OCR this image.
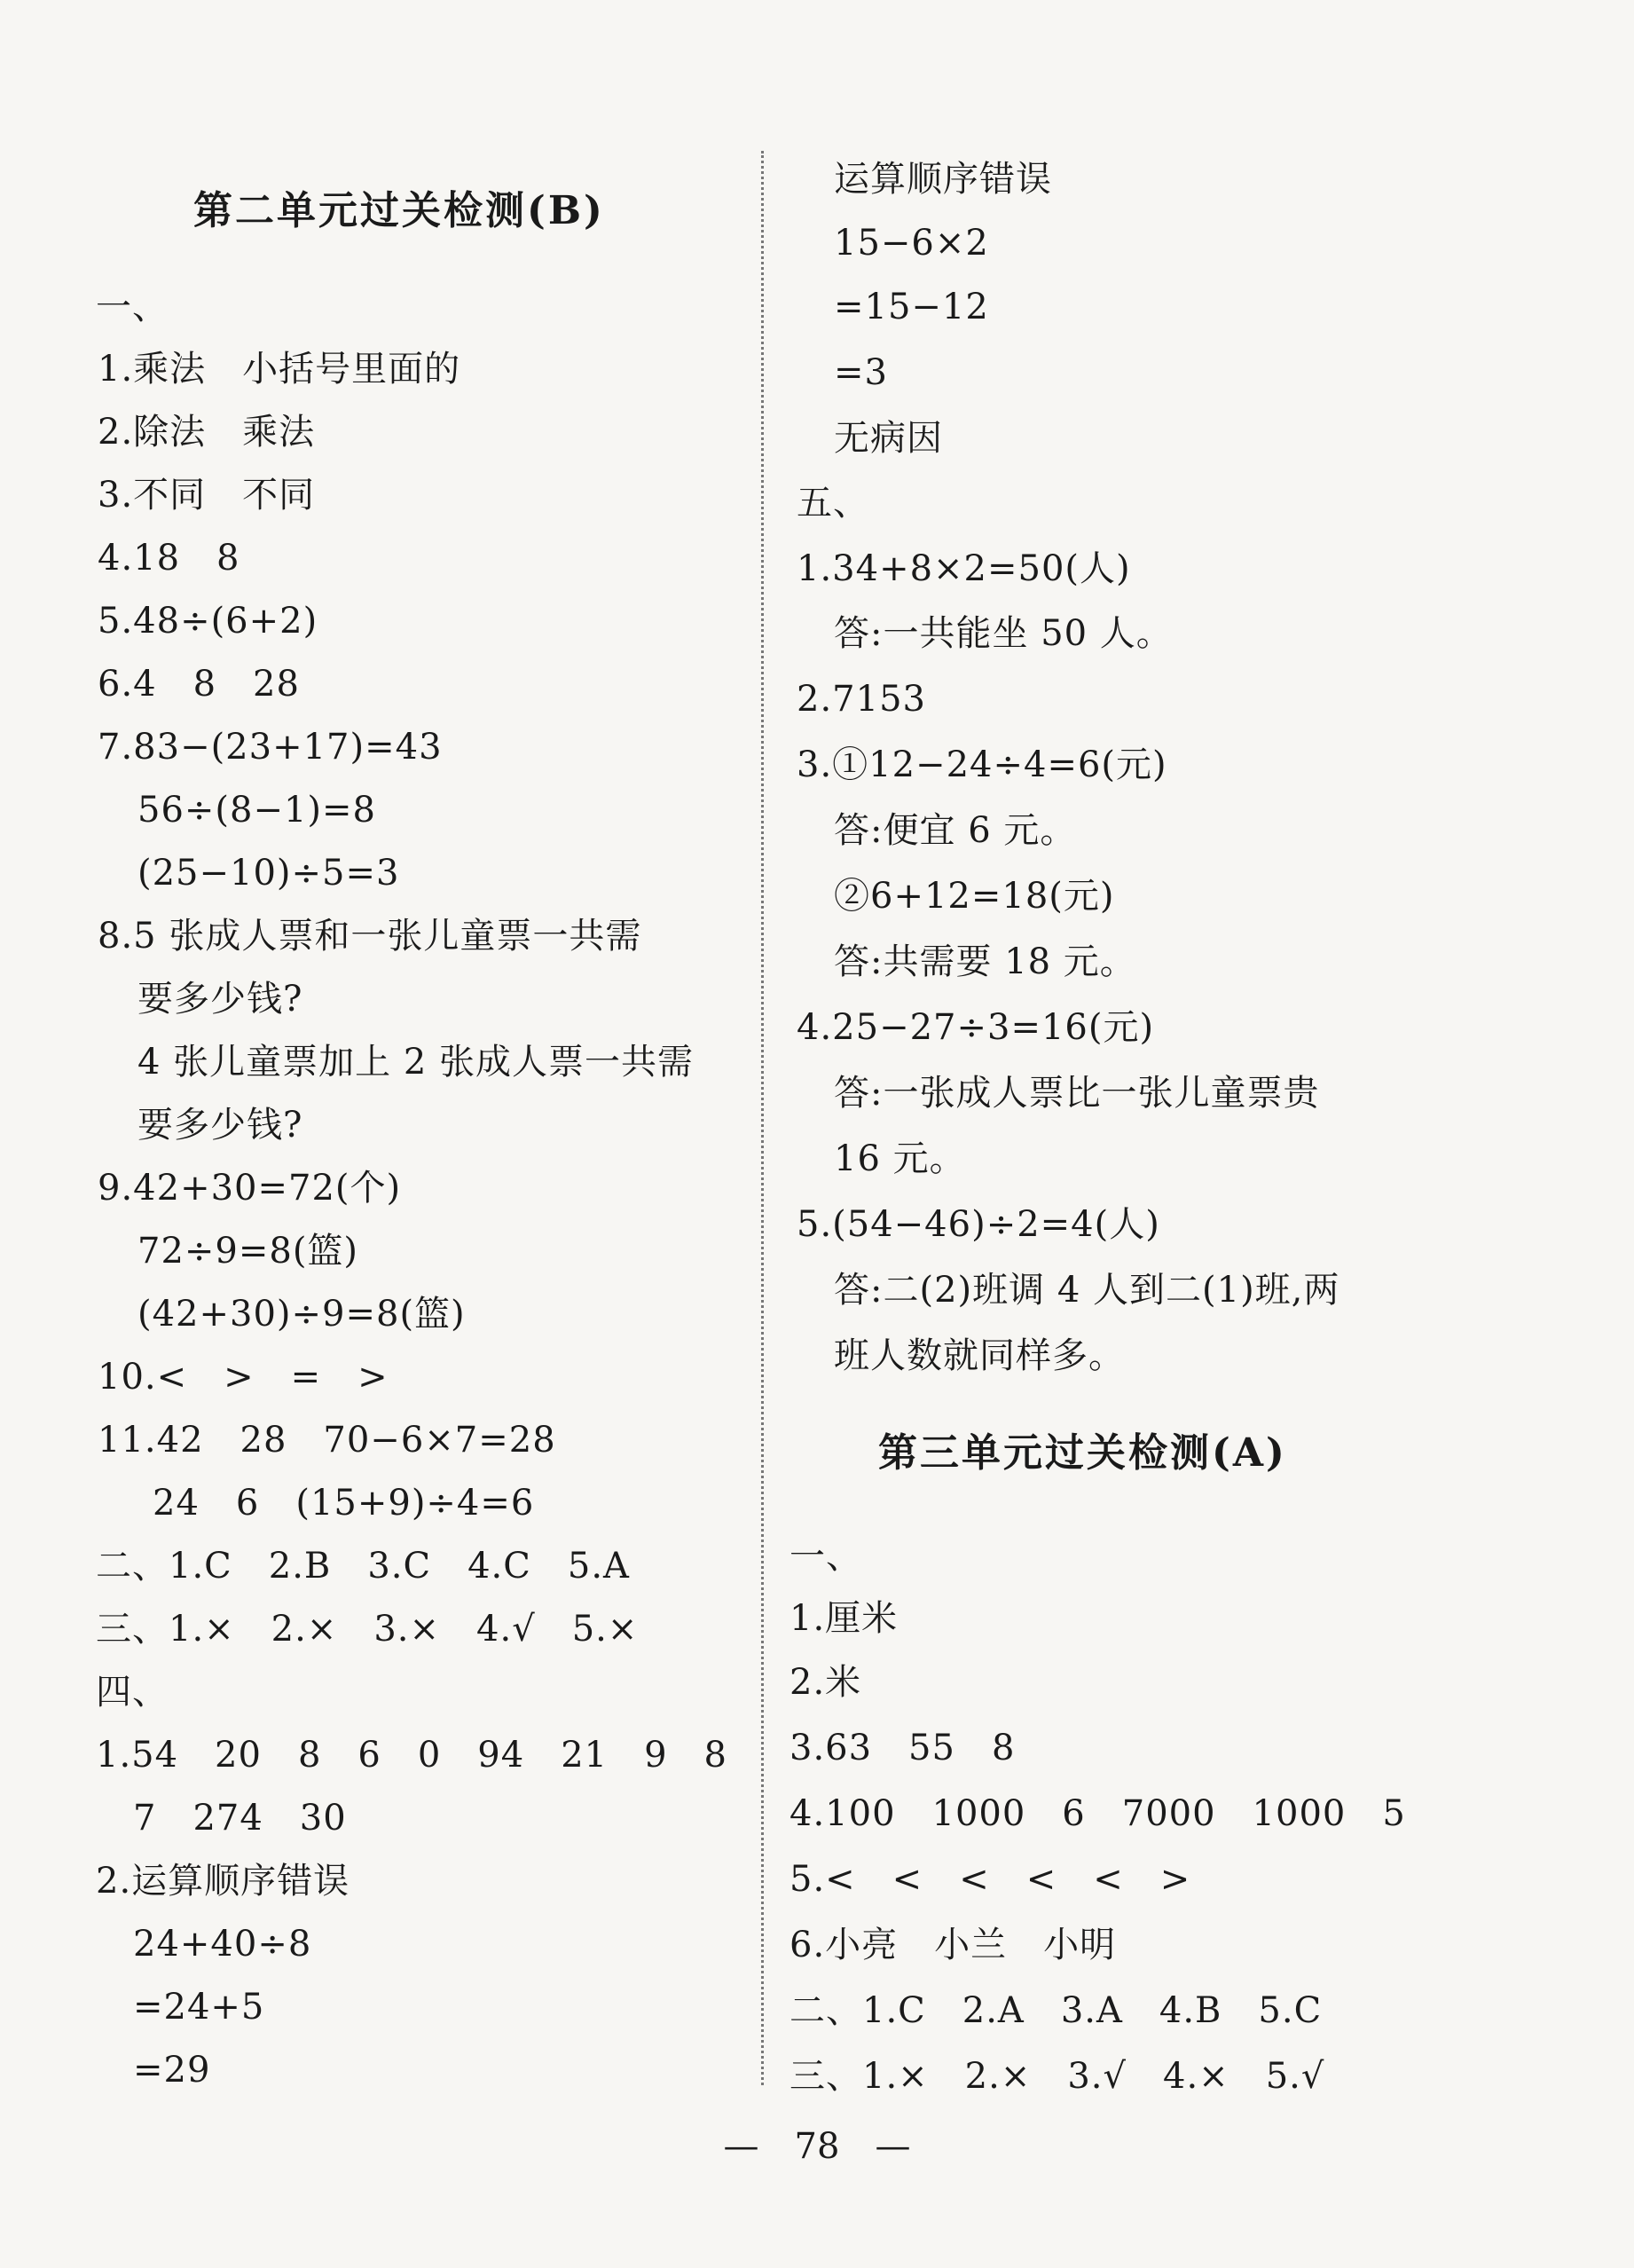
第二单元过关检测(B)
一、
1.乘法　小括号里面的
2.除法　乘法
3.不同　不同
4.18　8
5.48÷(6+2)
6.4　8　28
7.83−(23+17)=43
56÷(8−1)=8
(25−10)÷5=3
8.5 张成人票和一张儿童票一共需
要多少钱?
4 张儿童票加上 2 张成人票一共需
要多少钱?
9.42+30=72(个)
72÷9=8(篮)
(42+30)÷9=8(篮)
10.<　>　=　>
11.42　28　70−6×7=28
24　6　(15+9)÷4=6
二、1.C　2.B　3.C　4.C　5.A
三、1.×　2.×　3.×　4.√　5.×
四、
1.54　20　8　6　0　94　21　9　8
7　274　30
2.运算顺序错误
24+40÷8
=24+5
=29
运算顺序错误
15−6×2
=15−12
=3
无病因
五、
1.34+8×2=50(人)
答:一共能坐 50 人。
2.7153
3.①12−24÷4=6(元)
答:便宜 6 元。
②6+12=18(元)
答:共需要 18 元。
4.25−27÷3=16(元)
答:一张成人票比一张儿童票贵
16 元。
5.(54−46)÷2=4(人)
答:二(2)班调 4 人到二(1)班,两
班人数就同样多。
第三单元过关检测(A)
一、
1.厘米
2.米
3.63　55　8
4.100　1000　6　7000　1000　5
5.<　<　<　<　<　>
6.小亮　小兰　小明
二、1.C　2.A　3.A　4.B　5.C
三、1.×　2.×　3.√　4.×　5.√
—　78　—
